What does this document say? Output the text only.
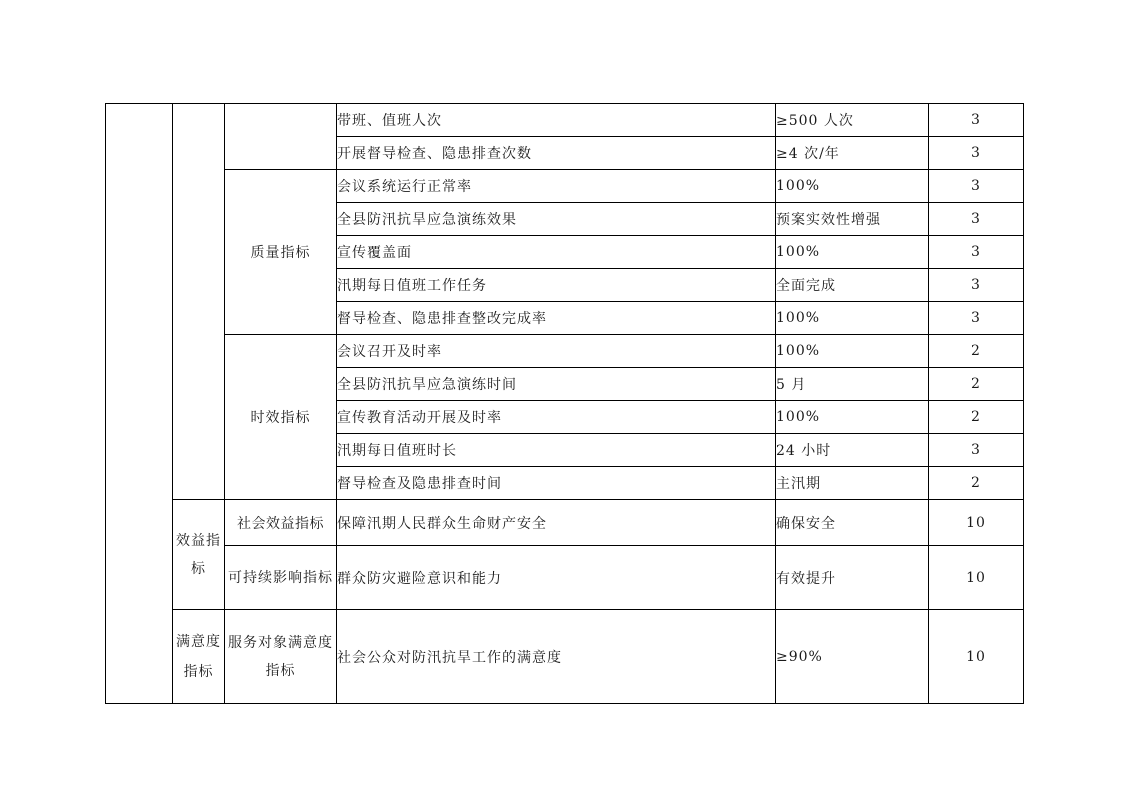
			带班、值班人次	≥500 人次	3
			开展督导检查、隐患排查次数	≥4 次/年	3
		质量指标	会议系统运行正常率	100%	3
			全县防汛抗旱应急演练效果	预案实效性增强	3
			宣传覆盖面	100%	3
			汛期每日值班工作任务	全面完成	3
			督导检查、隐患排查整改完成率	100%	3
		时效指标	会议召开及时率	100%	2
			全县防汛抗旱应急演练时间	5 月	2
			宣传教育活动开展及时率	100%	2
			汛期每日值班时长	24 小时	3
			督导检查及隐患排查时间	主汛期	2
	效益指标	社会效益指标	保障汛期人民群众生命财产安全	确保安全	10
		可持续影响指标	群众防灾避险意识和能力	有效提升	10
	满意度指标	服务对象满意度指标	社会公众对防汛抗旱工作的满意度	≥90%	10
